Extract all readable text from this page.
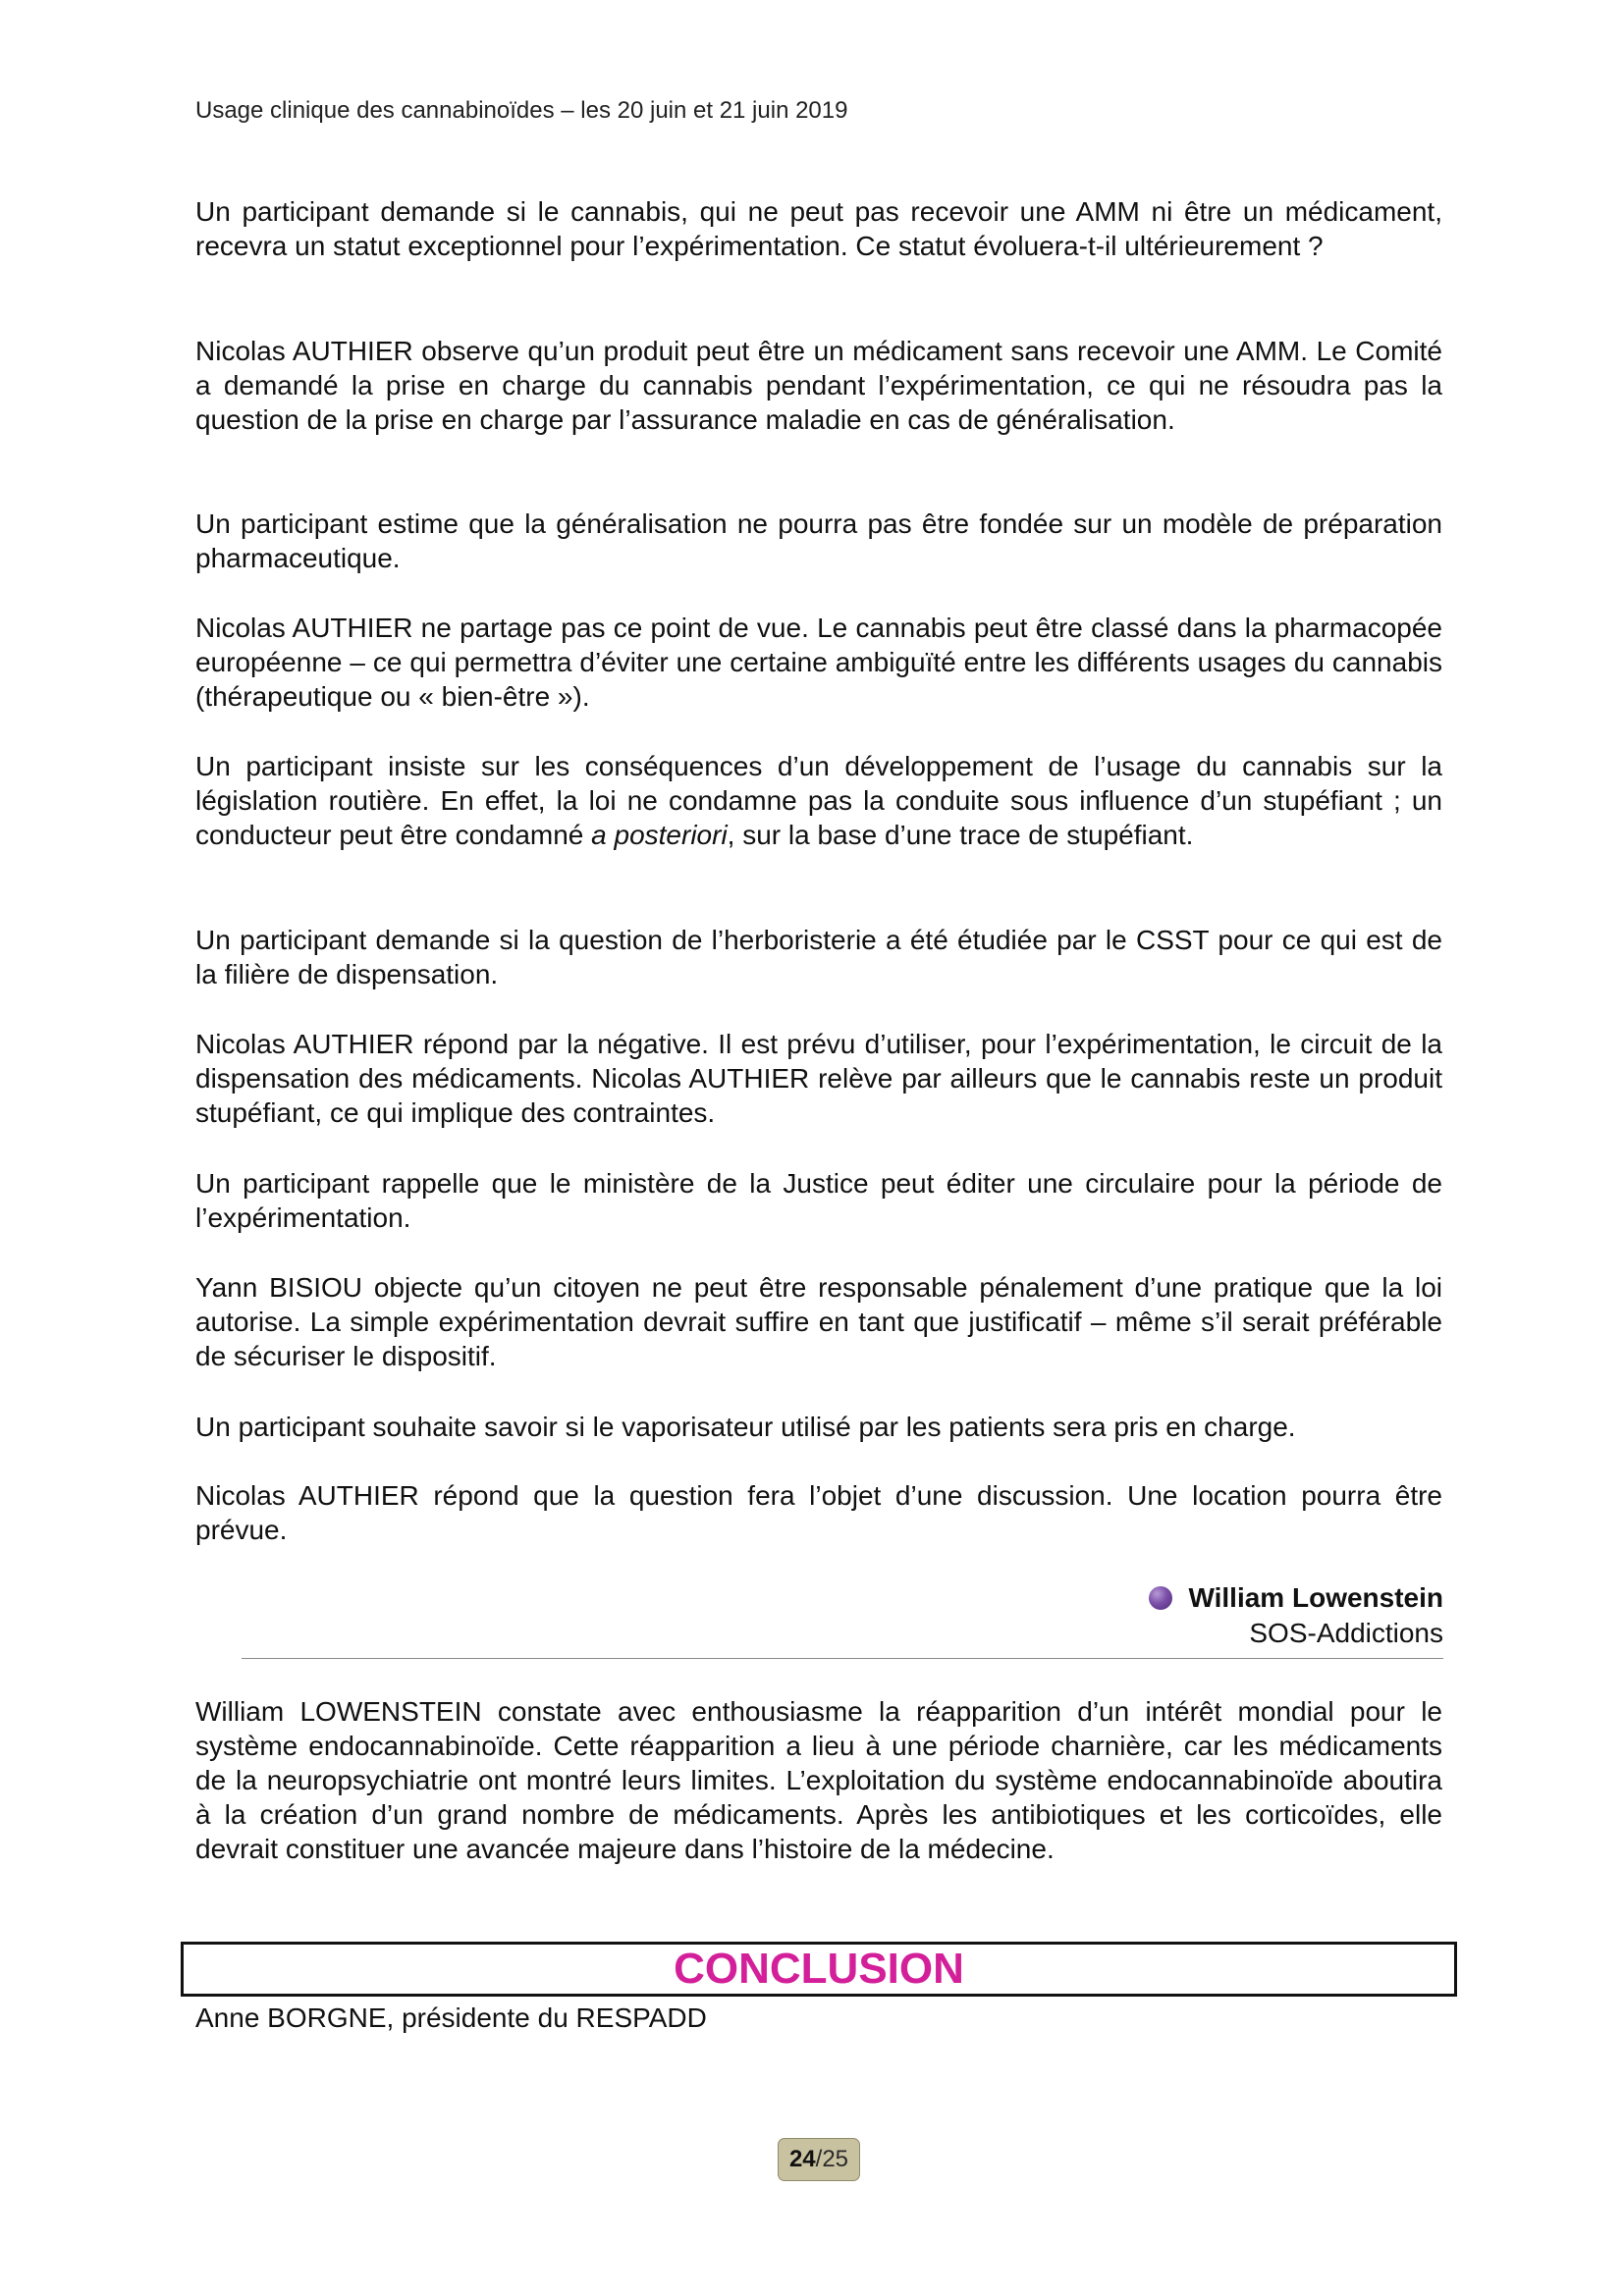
Usage clinique des cannabinoïdes – les 20 juin et 21 juin 2019

Un participant demande si le cannabis, qui ne peut pas recevoir une AMM ni être un médicament, recevra un statut exceptionnel pour l’expérimentation. Ce statut évoluera-t-il ultérieurement ?

Nicolas AUTHIER observe qu’un produit peut être un médicament sans recevoir une AMM. Le Comité a demandé la prise en charge du cannabis pendant l’expérimentation, ce qui ne résoudra pas la question de la prise en charge par l’assurance maladie en cas de généralisation.

Un participant estime que la généralisation ne pourra pas être fondée sur un modèle de préparation pharmaceutique.

Nicolas AUTHIER ne partage pas ce point de vue. Le cannabis peut être classé dans la pharmacopée européenne – ce qui permettra d’éviter une certaine ambiguïté entre les différents usages du cannabis (thérapeutique ou « bien-être »).

Un participant insiste sur les conséquences d’un développement de l’usage du cannabis sur la législation routière. En effet, la loi ne condamne pas la conduite sous influence d’un stupéfiant ; un conducteur peut être condamné a posteriori, sur la base d’une trace de stupéfiant.

Un participant demande si la question de l’herboristerie a été étudiée par le CSST pour ce qui est de la filière de dispensation.

Nicolas AUTHIER répond par la négative. Il est prévu d’utiliser, pour l’expérimentation, le circuit de la dispensation des médicaments. Nicolas AUTHIER relève par ailleurs que le cannabis reste un produit stupéfiant, ce qui implique des contraintes.

Un participant rappelle que le ministère de la Justice peut éditer une circulaire pour la période de l’expérimentation.

Yann BISIOU objecte qu’un citoyen ne peut être responsable pénalement d’une pratique que la loi autorise. La simple expérimentation devrait suffire en tant que justificatif – même s’il serait préférable de sécuriser le dispositif.

Un participant souhaite savoir si le vaporisateur utilisé par les patients sera pris en charge.

Nicolas AUTHIER répond que la question fera l’objet d’une discussion. Une location pourra être prévue.

William Lowenstein
SOS-Addictions

William LOWENSTEIN constate avec enthousiasme la réapparition d’un intérêt mondial pour le système endocannabinoïde. Cette réapparition a lieu à une période charnière, car les médicaments de la neuropsychiatrie ont montré leurs limites. L’exploitation du système endocannabinoïde aboutira à la création d’un grand nombre de médicaments. Après les antibiotiques et les corticoïdes, elle devrait constituer une avancée majeure dans l’histoire de la médecine.

CONCLUSION

Anne BORGNE, présidente du RESPADD

24/25
